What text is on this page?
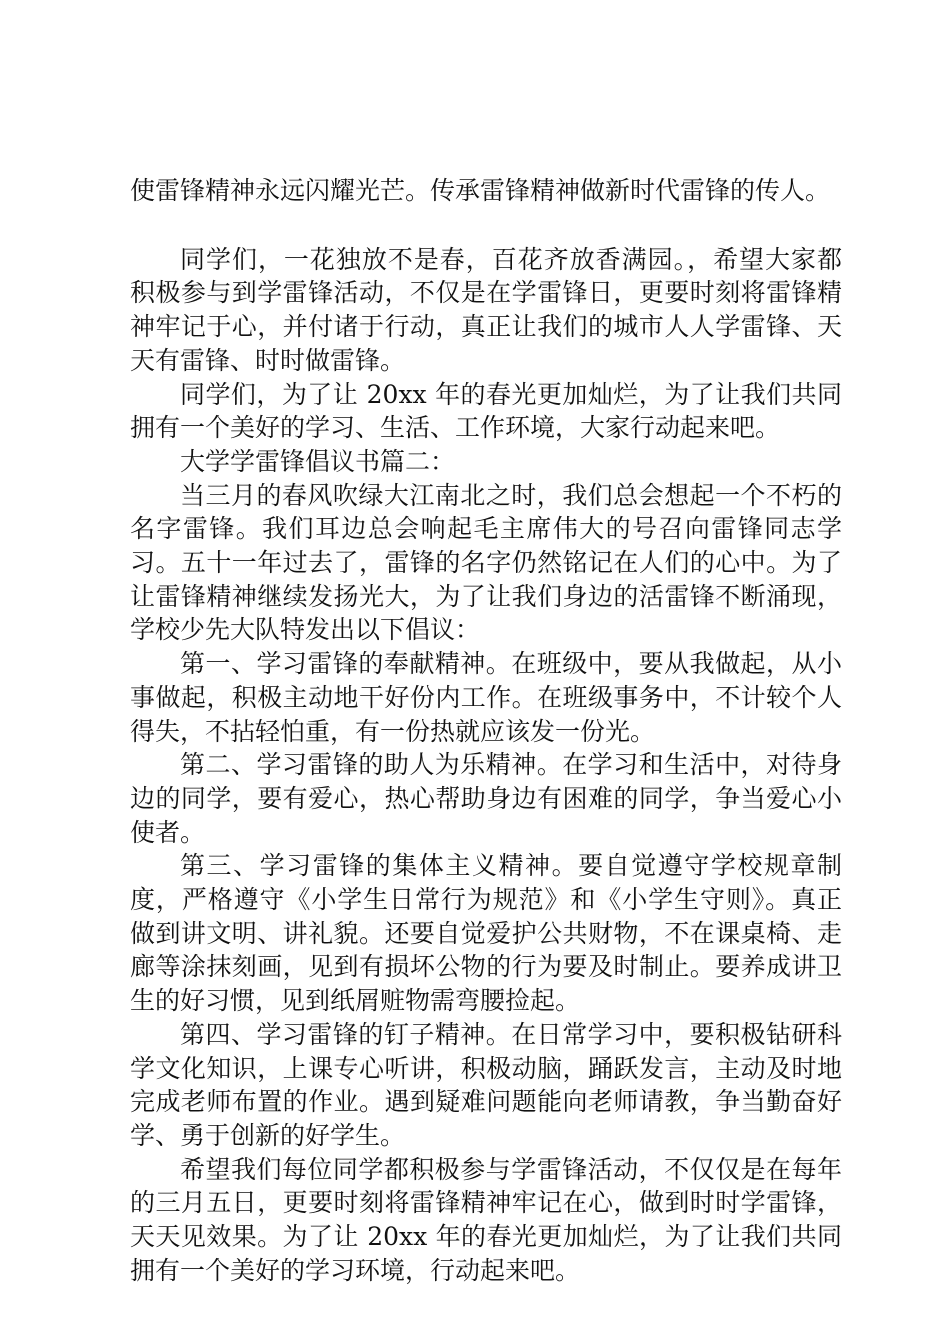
使雷锋精神永远闪耀光芒。传承雷锋精神做新时代雷锋的传人。

同学们，一花独放不是春，百花齐放香满园。，希望大家都积极参与到学雷锋活动，不仅是在学雷锋日，更要时刻将雷锋精神牢记于心，并付诸于行动，真正让我们的城市人人学雷锋、天天有雷锋、时时做雷锋。

同学们，为了让 20xx 年的春光更加灿烂，为了让我们共同拥有一个美好的学习、生活、工作环境，大家行动起来吧。

大学学雷锋倡议书篇二：

当三月的春风吹绿大江南北之时，我们总会想起一个不朽的名字雷锋。我们耳边总会响起毛主席伟大的号召向雷锋同志学习。五十一年过去了，雷锋的名字仍然铭记在人们的心中。为了让雷锋精神继续发扬光大，为了让我们身边的活雷锋不断涌现，学校少先大队特发出以下倡议：

第一、学习雷锋的奉献精神。在班级中，要从我做起，从小事做起，积极主动地干好份内工作。在班级事务中，不计较个人得失，不拈轻怕重，有一份热就应该发一份光。

第二、学习雷锋的助人为乐精神。在学习和生活中，对待身边的同学，要有爱心，热心帮助身边有困难的同学，争当爱心小使者。

第三、学习雷锋的集体主义精神。要自觉遵守学校规章制度，严格遵守《小学生日常行为规范》和《小学生守则》。真正做到讲文明、讲礼貌。还要自觉爱护公共财物，不在课桌椅、走廊等涂抹刻画，见到有损坏公物的行为要及时制止。要养成讲卫生的好习惯，见到纸屑赃物需弯腰捡起。

第四、学习雷锋的钉子精神。在日常学习中，要积极钻研科学文化知识，上课专心听讲，积极动脑，踊跃发言，主动及时地完成老师布置的作业。遇到疑难问题能向老师请教，争当勤奋好学、勇于创新的好学生。

希望我们每位同学都积极参与学雷锋活动，不仅仅是在每年的三月五日，更要时刻将雷锋精神牢记在心，做到时时学雷锋，天天见效果。为了让 20xx 年的春光更加灿烂，为了让我们共同拥有一个美好的学习环境，行动起来吧。
